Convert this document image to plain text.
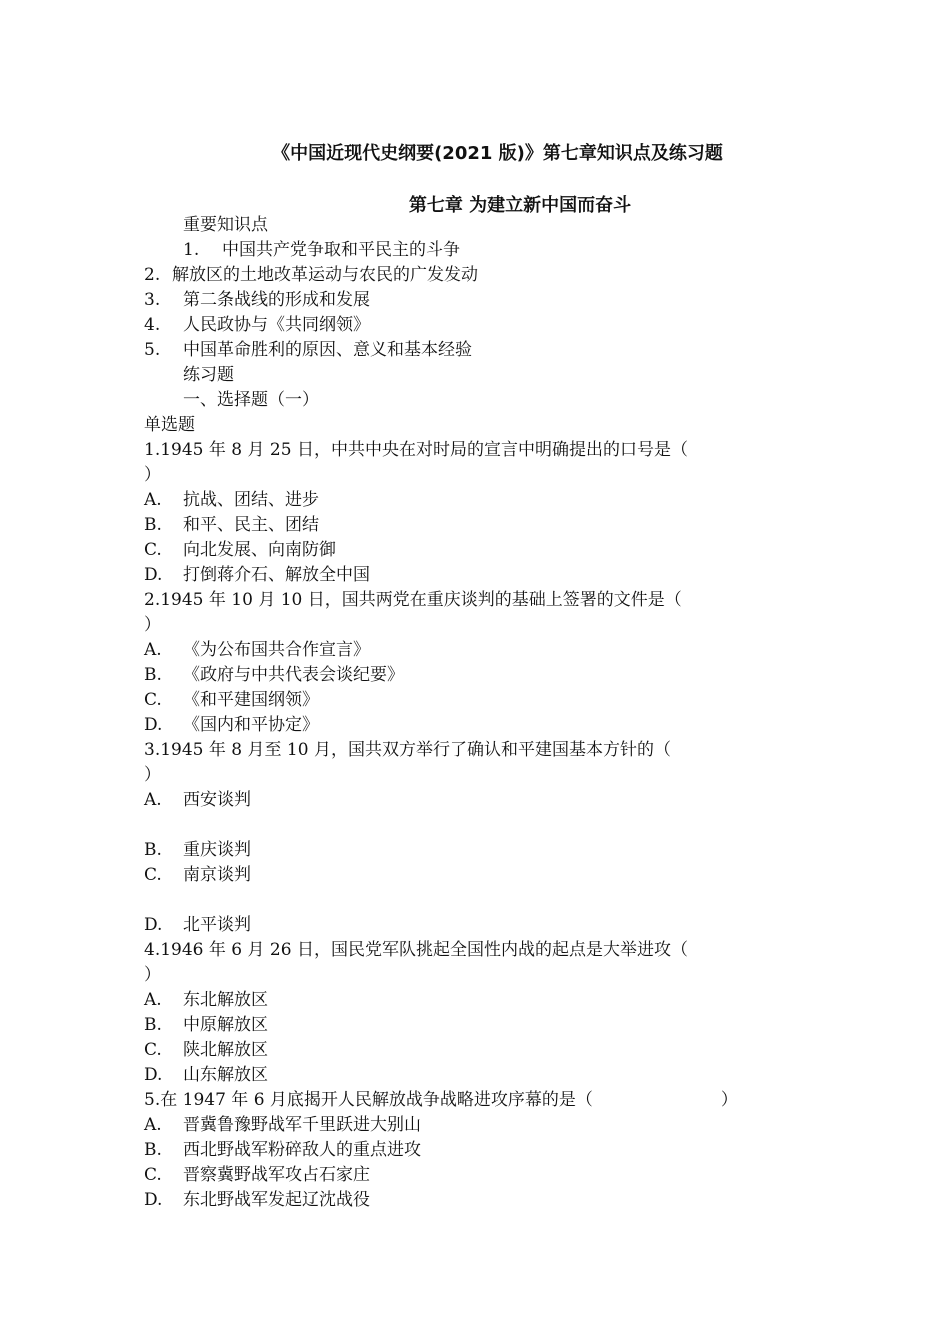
《中国近现代史纲要(2021 版)》第七章知识点及练习题
第七章 为建立新中国而奋斗
重要知识点
1. 中国共产党争取和平民主的斗争
2. 解放区的土地改革运动与农民的广发发动
3. 第二条战线的形成和发展
4. 人民政协与《共同纲领》
5. 中国革命胜利的原因、意义和基本经验
练习题
一、选择题（一）
单选题
1.1945 年 8 月 25 日，中共中央在对时局的宣言中明确提出的口号是（
）
A. 抗战、团结、进步
B. 和平、民主、团结
C. 向北发展、向南防御
D. 打倒蒋介石、解放全中国
2.1945 年 10 月 10 日，国共两党在重庆谈判的基础上签署的文件是（
）
A. 《为公布国共合作宣言》
B. 《政府与中共代表会谈纪要》
C. 《和平建国纲领》
D. 《国内和平协定》
3.1945 年 8 月至 10 月，国共双方举行了确认和平建国基本方针的（
）
A. 西安谈判
B. 重庆谈判
C. 南京谈判
D. 北平谈判
4.1946 年 6 月 26 日，国民党军队挑起全国性内战的起点是大举进攻（
）
A. 东北解放区
B. 中原解放区
C. 陕北解放区
D. 山东解放区
5.在 1947 年 6 月底揭开人民解放战争战略进攻序幕的是（	）
A. 晋冀鲁豫野战军千里跃进大别山
B. 西北野战军粉碎敌人的重点进攻
C. 晋察冀野战军攻占石家庄
D. 东北野战军发起辽沈战役
